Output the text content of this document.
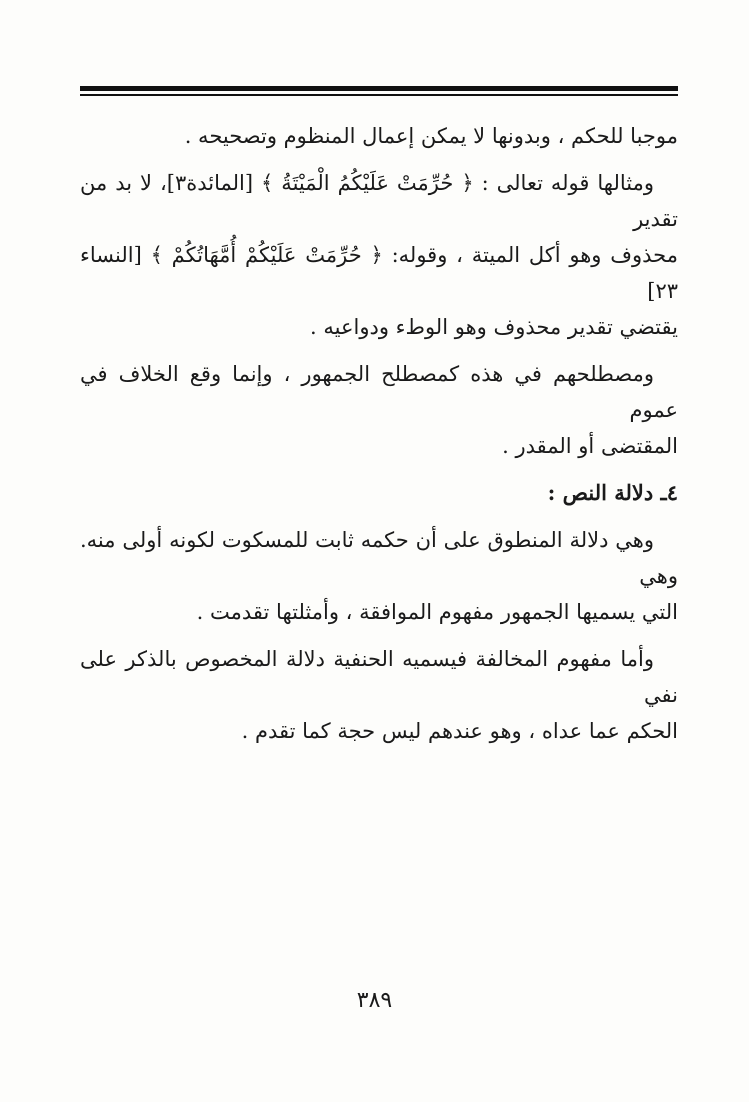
موجبا للحكم ، وبدونها لا يمكن إعمال المنظوم وتصحيحه .

ومثالها قوله تعالى : ﴿ حُرِّمَتْ عَلَيْكُمُ الْمَيْتَةُ ﴾ [المائدة٣]، لا بد من تقدير
محذوف وهو أكل الميتة ، وقوله: ﴿ حُرِّمَتْ عَلَيْكُمْ أُمَّهَاتُكُمْ ﴾ [النساء ٢٣]
يقتضي تقدير محذوف وهو الوطء ودواعيه .

ومصطلحهم في هذه كمصطلح الجمهور ، وإنما وقع الخلاف في عموم
المقتضى أو المقدر .

٤ـ دلالة النص :

وهي دلالة المنطوق على أن حكمه ثابت للمسكوت لكونه أولى منه. وهي
التي يسميها الجمهور مفهوم الموافقة ، وأمثلتها تقدمت .

وأما مفهوم المخالفة فيسميه الحنفية دلالة المخصوص بالذكر على نفي
الحكم عما عداه ، وهو عندهم ليس حجة كما تقدم .

٣٨٩
